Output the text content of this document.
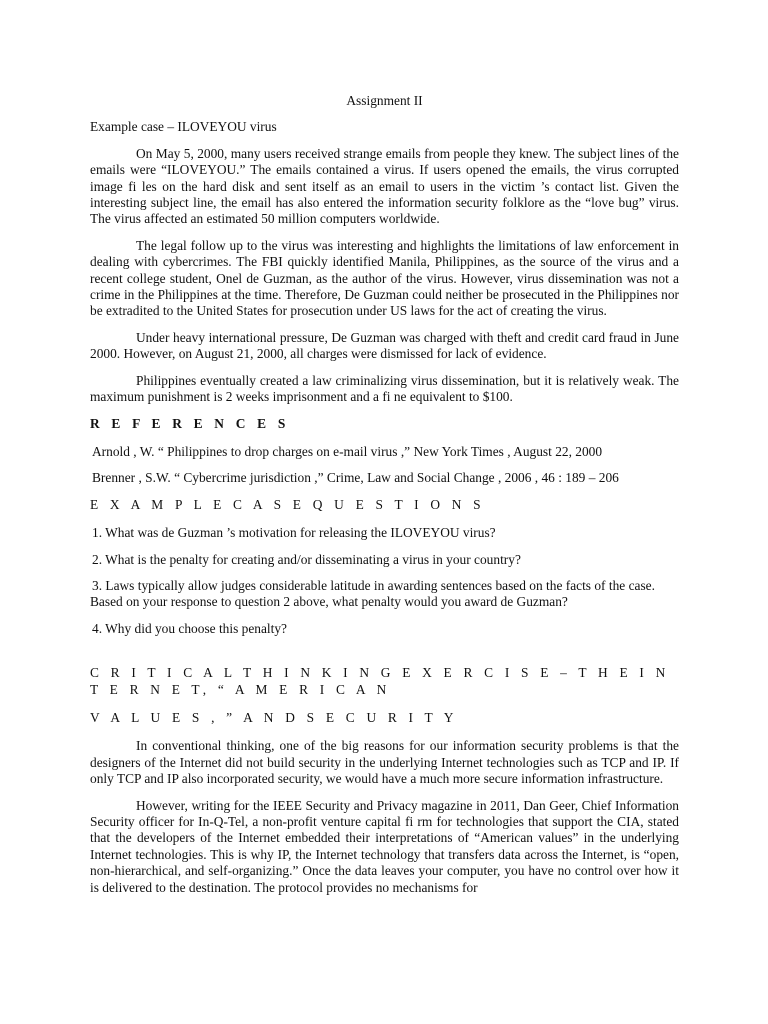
Assignment II
Example case – ILOVEYOU virus

On May 5, 2000, many users received strange emails from people they knew. The subject lines of the emails were “ILOVEYOU.” The emails contained a virus. If users opened the emails, the virus corrupted image fi les on the hard disk and sent itself as an email to users in the victim ’s contact list. Given the interesting subject line, the email has also entered the information security folklore as the “love bug” virus. The virus affected an estimated 50 million computers worldwide.

The legal follow up to the virus was interesting and highlights the limitations of law enforcement in dealing with cybercrimes. The FBI quickly identified Manila, Philippines, as the source of the virus and a recent college student, Onel de Guzman, as the author of the virus. However, virus dissemination was not a crime in the Philippines at the time. Therefore, De Guzman could neither be prosecuted in the Philippines nor be extradited to the United States for prosecution under US laws for the act of creating the virus.

Under heavy international pressure, De Guzman was charged with theft and credit card fraud in June 2000. However, on August 21, 2000, all charges were dismissed for lack of evidence.

Philippines eventually created a law criminalizing virus dissemination, but it is relatively weak. The maximum punishment is 2 weeks imprisonment and a fi ne equivalent to $100.

R E F E R E N C E S
Arnold , W. “ Philippines to drop charges on e-mail virus ,” New York Times , August 22, 2000
Brenner , S.W. “ Cybercrime jurisdiction ,” Crime, Law and Social Change , 2006 , 46 : 189 – 206
E X A M P L E C A S E Q U E S T I O N S
1. What was de Guzman ’s motivation for releasing the ILOVEYOU virus?
2. What is the penalty for creating and/or disseminating a virus in your country?
3. Laws typically allow judges considerable latitude in awarding sentences based on the facts of the case. Based on your response to question 2 above, what penalty would you award de Guzman?
4. Why did you choose this penalty?
C R I T I C A L T H I N K I N G E X E R C I S E – T H E I N T E R N E T, “ A M E R I C A N
V A L U E S , ” A N D S E C U R I T Y

In conventional thinking, one of the big reasons for our information security problems is that the designers of the Internet did not build security in the underlying Internet technologies such as TCP and IP. If only TCP and IP also incorporated security, we would have a much more secure information infrastructure.

However, writing for the IEEE Security and Privacy magazine in 2011, Dan Geer, Chief Information Security officer for In-Q-Tel, a non-profit venture capital fi rm for technologies that support the CIA, stated that the developers of the Internet embedded their interpretations of “American values” in the underlying Internet technologies. This is why IP, the Internet technology that transfers data across the Internet, is “open, non-hierarchical, and self-organizing.” Once the data leaves your computer, you have no control over how it is delivered to the destination. The protocol provides no mechanisms for
